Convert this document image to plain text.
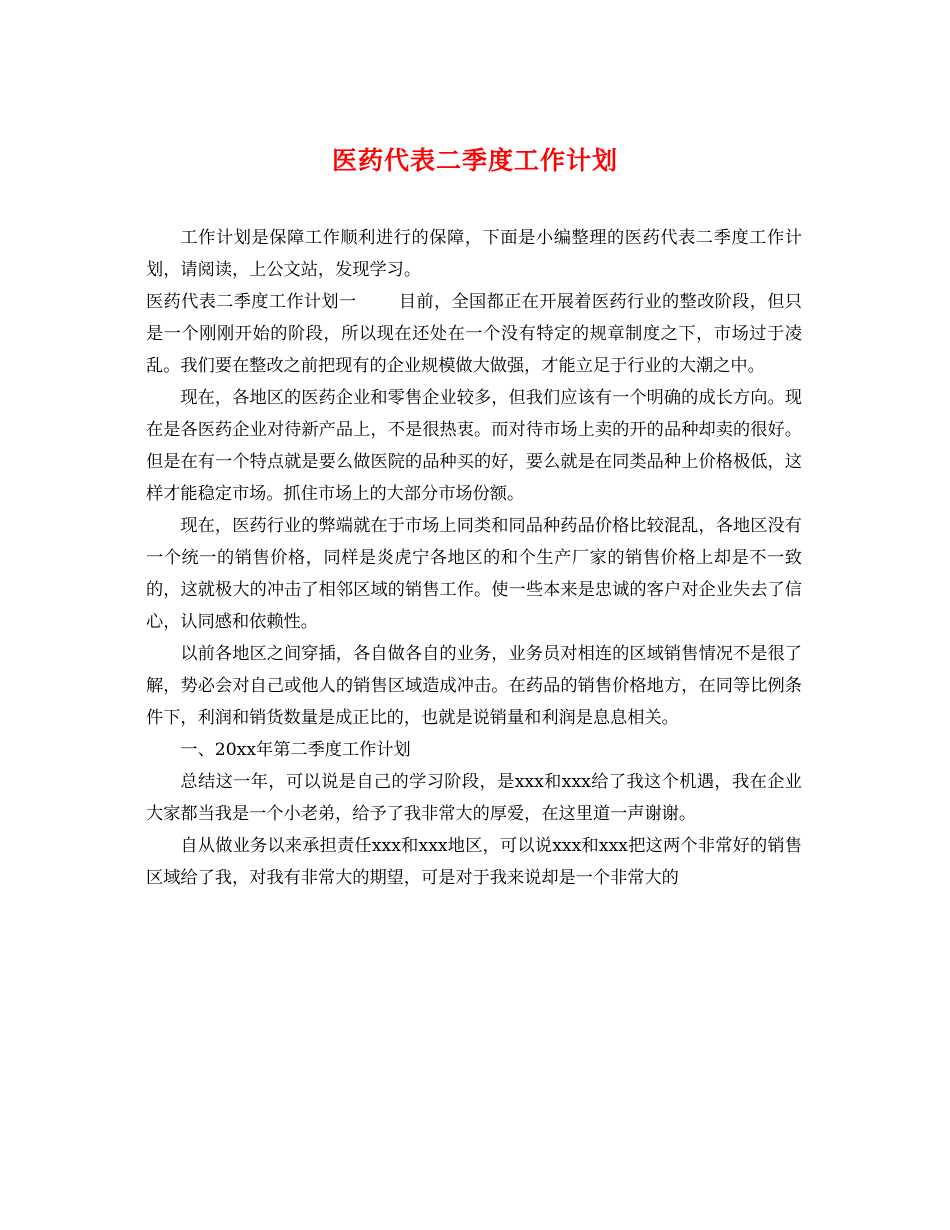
医药代表二季度工作计划

工作计划是保障工作顺利进行的保障，下面是小编整理的医药代表二季度工作计划，请阅读，上公文站，发现学习。

医药代表二季度工作计划一 目前，全国都正在开展着医药行业的整改阶段，但只是一个刚刚开始的阶段，所以现在还处在一个没有特定的规章制度之下，市场过于凌乱。我们要在整改之前把现有的企业规模做大做强，才能立足于行业的大潮之中。

现在，各地区的医药企业和零售企业较多，但我们应该有一个明确的成长方向。现在是各医药企业对待新产品上，不是很热衷。而对待市场上卖的开的品种却卖的很好。但是在有一个特点就是要么做医院的品种买的好，要么就是在同类品种上价格极低，这样才能稳定市场。抓住市场上的大部分市场份额。

现在，医药行业的弊端就在于市场上同类和同品种药品价格比较混乱，各地区没有一个统一的销售价格，同样是炎虎宁各地区的和个生产厂家的销售价格上却是不一致的，这就极大的冲击了相邻区域的销售工作。使一些本来是忠诚的客户对企业失去了信心，认同感和依赖性。

以前各地区之间穿插，各自做各自的业务，业务员对相连的区域销售情况不是很了解，势必会对自己或他人的销售区域造成冲击。在药品的销售价格地方，在同等比例条件下，利润和销货数量是成正比的，也就是说销量和利润是息息相关。

一、20xx年第二季度工作计划

总结这一年，可以说是自己的学习阶段，是xxx和xxx给了我这个机遇，我在企业大家都当我是一个小老弟，给予了我非常大的厚爱，在这里道一声谢谢。

自从做业务以来承担责任xxx和xxx地区，可以说xxx和xxx把这两个非常好的销售区域给了我，对我有非常大的期望，可是对于我来说却是一个非常大的
